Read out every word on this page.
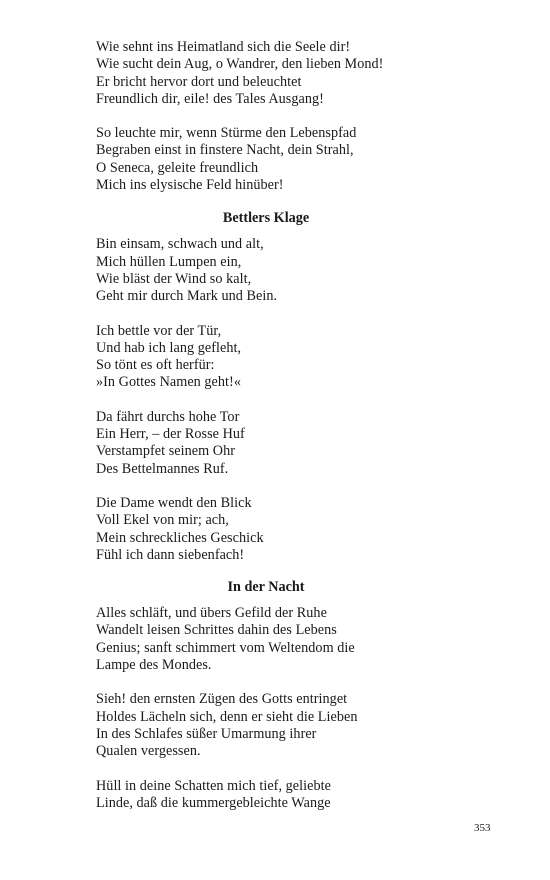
Wie sehnt ins Heimatland sich die Seele dir!
Wie sucht dein Aug, o Wandrer, den lieben Mond!
Er bricht hervor dort und beleuchtet
Freundlich dir, eile! des Tales Ausgang!
So leuchte mir, wenn Stürme den Lebenspfad
Begraben einst in finstere Nacht, dein Strahl,
O Seneca, geleite freundlich
Mich ins elysische Feld hinüber!
Bettlers Klage
Bin einsam, schwach und alt,
Mich hüllen Lumpen ein,
Wie bläst der Wind so kalt,
Geht mir durch Mark und Bein.
Ich bettle vor der Tür,
Und hab ich lang gefleht,
So tönt es oft herfür:
»In Gottes Namen geht!«
Da fährt durchs hohe Tor
Ein Herr, – der Rosse Huf
Verstampfet seinem Ohr
Des Bettelmannes Ruf.
Die Dame wendt den Blick
Voll Ekel von mir; ach,
Mein schreckliches Geschick
Fühl ich dann siebenfach!
In der Nacht
Alles schläft, und übers Gefild der Ruhe
Wandelt leisen Schrittes dahin des Lebens
Genius; sanft schimmert vom Weltendom die
Lampe des Mondes.
Sieh! den ernsten Zügen des Gotts entringet
Holdes Lächeln sich, denn er sieht die Lieben
In des Schlafes süßer Umarmung ihrer
Qualen vergessen.
Hüll in deine Schatten mich tief, geliebte
Linde, daß die kummergebleichte Wange
353
